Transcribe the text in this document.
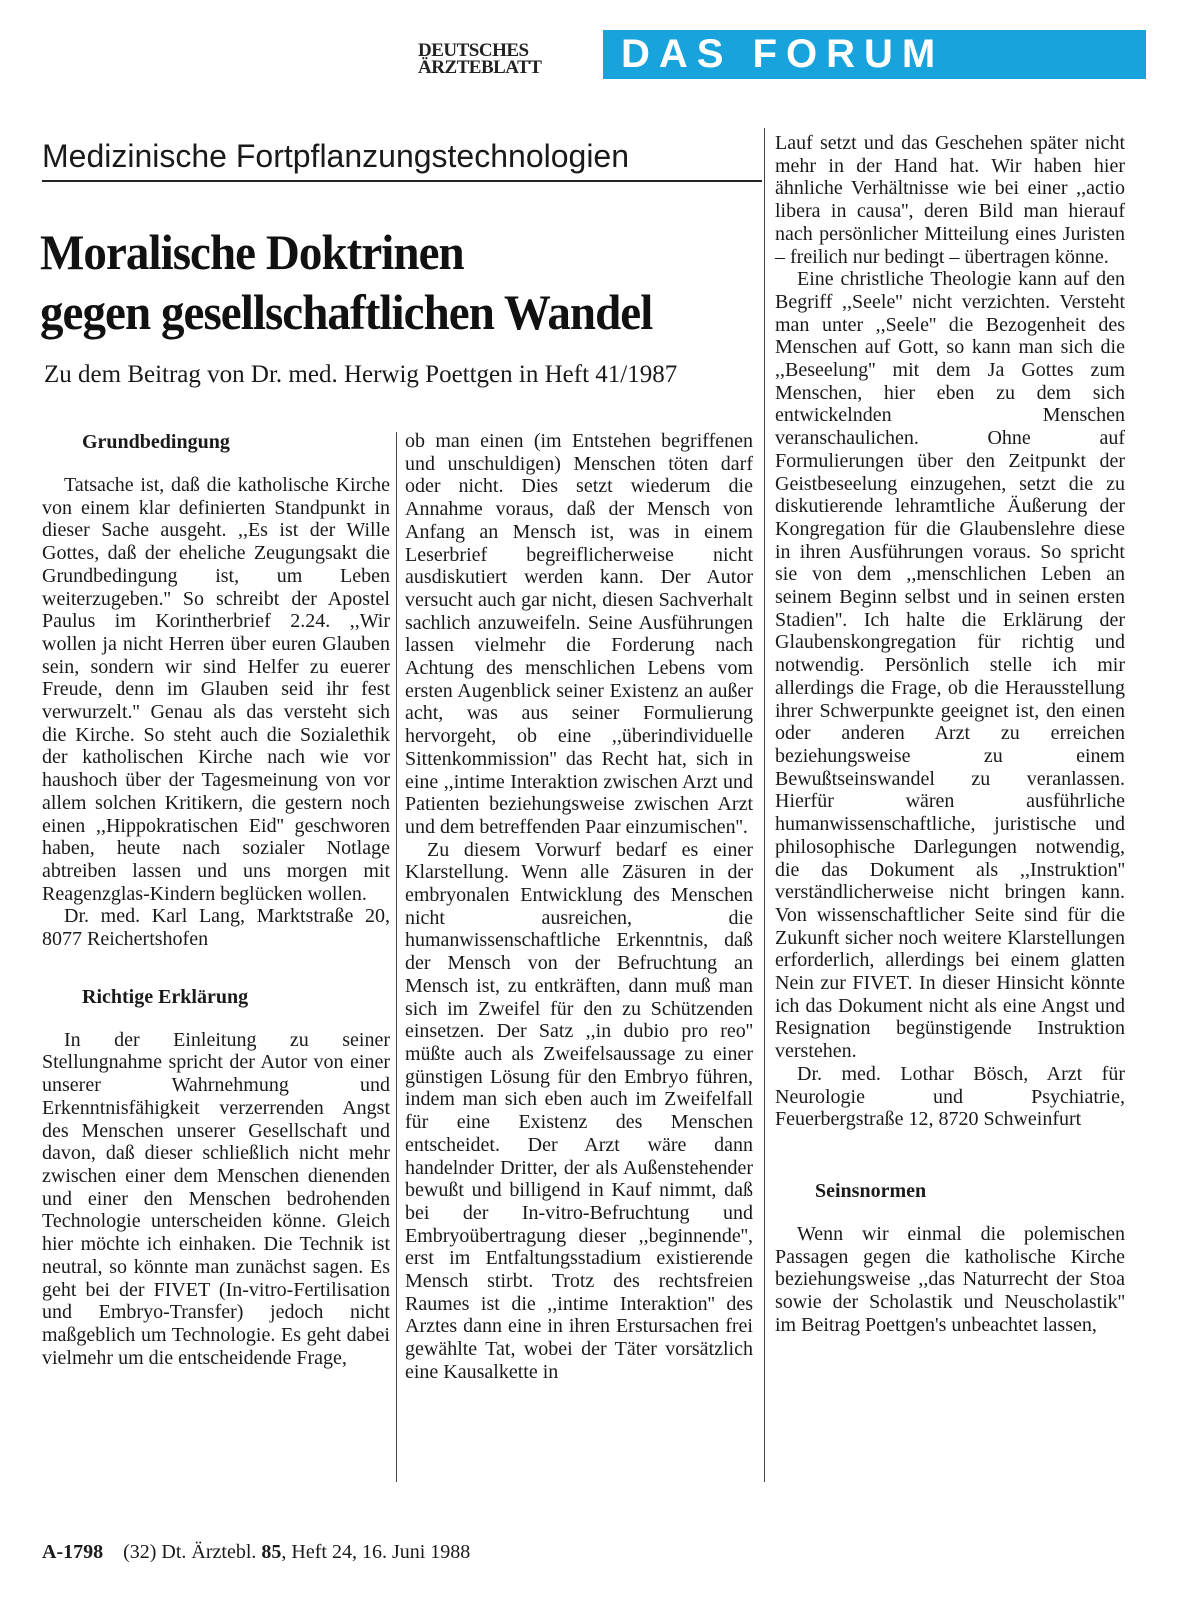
DEUTSCHES
ÄRZTEBLATT	DAS FORUM
Medizinische Fortpflanzungstechnologien
Moralische Doktrinen
gegen gesellschaftlichen Wandel
Zu dem Beitrag von Dr. med. Herwig Poettgen in Heft 41/1987
Grundbedingung

Tatsache ist, daß die katholische Kirche von einem klar definierten Standpunkt in dieser Sache ausgeht. ,,Es ist der Wille Gottes, daß der eheliche Zeugungsakt die Grundbedingung ist, um Leben weiterzugeben.'' So schreibt der Apostel Paulus im Korintherbrief 2.24. ,,Wir wollen ja nicht Herren über euren Glauben sein, sondern wir sind Helfer zu euerer Freude, denn im Glauben seid ihr fest verwurzelt.'' Genau als das versteht sich die Kirche. So steht auch die Sozialethik der katholischen Kirche nach wie vor haushoch über der Tagesmeinung von vor allem solchen Kritikern, die gestern noch einen ,,Hippokratischen Eid'' geschworen haben, heute nach sozialer Notlage abtreiben lassen und uns morgen mit Reagenzglas-Kindern beglücken wollen.

Dr. med. Karl Lang, Marktstraße 20, 8077 Reichertshofen

Richtige Erklärung

In der Einleitung zu seiner Stellungnahme spricht der Autor von einer unserer Wahrnehmung und Erkenntnisfähigkeit verzerrenden Angst des Menschen unserer Gesellschaft und davon, daß dieser schließlich nicht mehr zwischen einer dem Menschen dienenden und einer den Menschen bedrohenden Technologie unterscheiden könne. Gleich hier möchte ich einhaken. Die Technik ist neutral, so könnte man zunächst sagen. Es geht bei der FIVET (In-vitro-Fertilisation und Embryo-Transfer) jedoch nicht maßgeblich um Technologie. Es geht dabei vielmehr um die entscheidende Frage,

ob man einen (im Entstehen begriffenen und unschuldigen) Menschen töten darf oder nicht. Dies setzt wiederum die Annahme voraus, daß der Mensch von Anfang an Mensch ist, was in einem Leserbrief begreiflicherweise nicht ausdiskutiert werden kann. Der Autor versucht auch gar nicht, diesen Sachverhalt sachlich anzuweifeln. Seine Ausführungen lassen vielmehr die Forderung nach Achtung des menschlichen Lebens vom ersten Augenblick seiner Existenz an außer acht, was aus seiner Formulierung hervorgeht, ob eine ,,überindividuelle Sittenkommission'' das Recht hat, sich in eine ,,intime Interaktion zwischen Arzt und Patienten beziehungsweise zwischen Arzt und dem betreffenden Paar einzumischen''.

Zu diesem Vorwurf bedarf es einer Klarstellung. Wenn alle Zäsuren in der embryonalen Entwicklung des Menschen nicht ausreichen, die humanwissenschaftliche Erkenntnis, daß der Mensch von der Befruchtung an Mensch ist, zu entkräften, dann muß man sich im Zweifel für den zu Schützenden einsetzen. Der Satz ,,in dubio pro reo'' müßte auch als Zweifelsaussage zu einer günstigen Lösung für den Embryo führen, indem man sich eben auch im Zweifelfall für eine Existenz des Menschen entscheidet. Der Arzt wäre dann handelnder Dritter, der als Außenstehender bewußt und billigend in Kauf nimmt, daß bei der In-vitro-Befruchtung und Embryoübertragung dieser ,,beginnende'', erst im Entfaltungsstadium existierende Mensch stirbt. Trotz des rechtsfreien Raumes ist die ,,intime Interaktion'' des Arztes dann eine in ihren Erstursachen frei gewählte Tat, wobei der Täter vorsätzlich eine Kausalkette in

Lauf setzt und das Geschehen später nicht mehr in der Hand hat. Wir haben hier ähnliche Verhältnisse wie bei einer ,,actio libera in causa'', deren Bild man hierauf nach persönlicher Mitteilung eines Juristen – freilich nur bedingt – übertragen könne.

Eine christliche Theologie kann auf den Begriff ,,Seele'' nicht verzichten. Versteht man unter ,,Seele'' die Bezogenheit des Menschen auf Gott, so kann man sich die ,,Beseelung'' mit dem Ja Gottes zum Menschen, hier eben zu dem sich entwickelnden Menschen veranschaulichen. Ohne auf Formulierungen über den Zeitpunkt der Geistbeseelung einzugehen, setzt die zu diskutierende lehramtliche Äußerung der Kongregation für die Glaubenslehre diese in ihren Ausführungen voraus. So spricht sie von dem ,,menschlichen Leben an seinem Beginn selbst und in seinen ersten Stadien''. Ich halte die Erklärung der Glaubenskongregation für richtig und notwendig. Persönlich stelle ich mir allerdings die Frage, ob die Herausstellung ihrer Schwerpunkte geeignet ist, den einen oder anderen Arzt zu erreichen beziehungsweise zu einem Bewußtseinswandel zu veranlassen. Hierfür wären ausführliche humanwissenschaftliche, juristische und philosophische Darlegungen notwendig, die das Dokument als ,,Instruktion'' verständlicherweise nicht bringen kann. Von wissenschaftlicher Seite sind für die Zukunft sicher noch weitere Klarstellungen erforderlich, allerdings bei einem glatten Nein zur FIVET. In dieser Hinsicht könnte ich das Dokument nicht als eine Angst und Resignation begünstigende Instruktion verstehen.

Dr. med. Lothar Bösch, Arzt für Neurologie und Psychiatrie, Feuerbergstraße 12, 8720 Schweinfurt

Seinsnormen

Wenn wir einmal die polemischen Passagen gegen die katholische Kirche beziehungsweise ,,das Naturrecht der Stoa sowie der Scholastik und Neuscholastik'' im Beitrag Poettgen's unbeachtet lassen,

A-1798 (32) Dt. Ärztebl. 85, Heft 24, 16. Juni 1988
